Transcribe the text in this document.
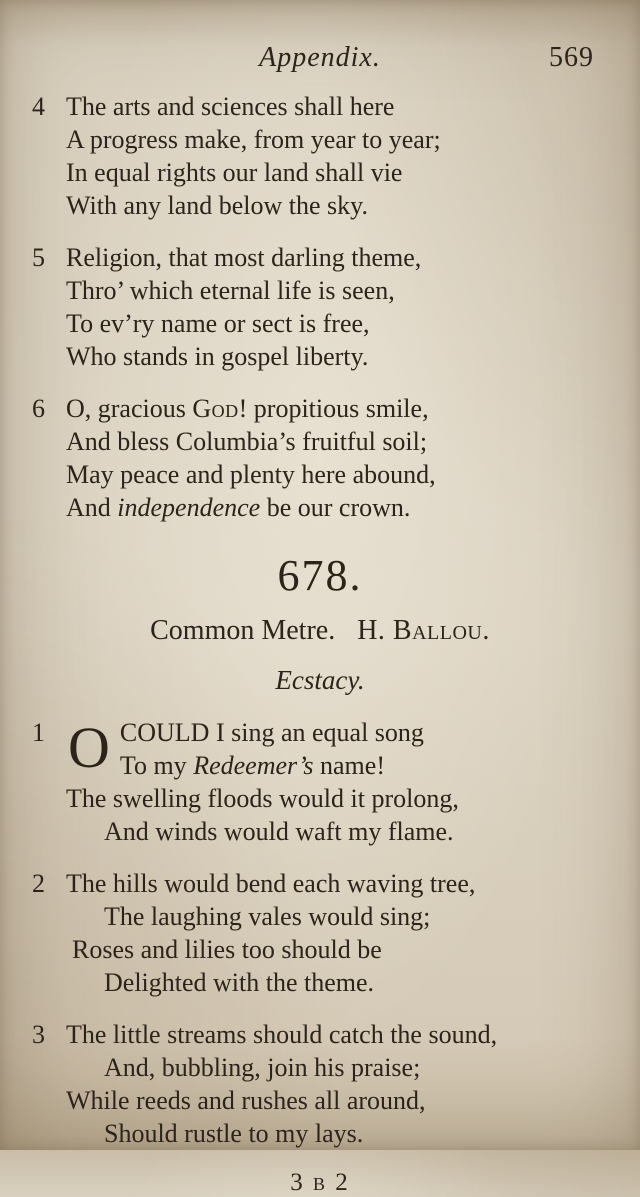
Appendix.	569
4 The arts and sciences shall here
A progress make, from year to year;
In equal rights our land shall vie
With any land below the sky.
5 Religion, that most darling theme,
Thro’ which eternal life is seen,
To ev’ry name or sect is free,
Who stands in gospel liberty.
6 O, gracious God! propitious smile,
And bless Columbia’s fruitful soil;
May peace and plenty here abound,
And independence be our crown.
678.
Common Metre. H. Ballou.
Ecstacy.
1 O COULD I sing an equal song
To my Redeemer’s name!
The swelling floods would it prolong,
And winds would waft my flame.
2 The hills would bend each waving tree,
The laughing vales would sing;
Roses and lilies too should be
Delighted with the theme.
3 The little streams should catch the sound,
And, bubbling, join his praise;
While reeds and rushes all around,
Should rustle to my lays.
3 b 2
